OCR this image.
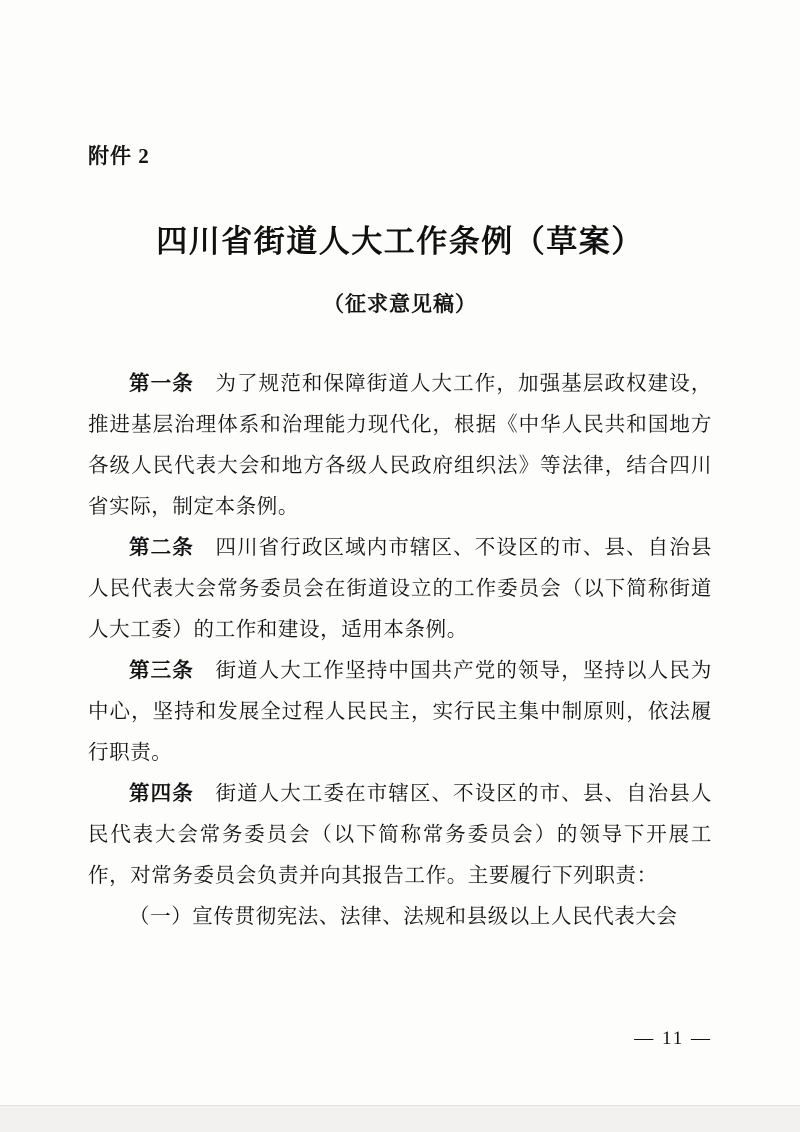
附件 2
四川省街道人大工作条例（草案）
（征求意见稿）

第一条　为了规范和保障街道人大工作，加强基层政权建设，推进基层治理体系和治理能力现代化，根据《中华人民共和国地方各级人民代表大会和地方各级人民政府组织法》等法律，结合四川省实际，制定本条例。

第二条　四川省行政区域内市辖区、不设区的市、县、自治县人民代表大会常务委员会在街道设立的工作委员会（以下简称街道人大工委）的工作和建设，适用本条例。

第三条　街道人大工作坚持中国共产党的领导，坚持以人民为中心，坚持和发展全过程人民民主，实行民主集中制原则，依法履行职责。

第四条　街道人大工委在市辖区、不设区的市、县、自治县人民代表大会常务委员会（以下简称常务委员会）的领导下开展工作，对常务委员会负责并向其报告工作。主要履行下列职责：

（一）宣传贯彻宪法、法律、法规和县级以上人民代表大会

— 11 —
